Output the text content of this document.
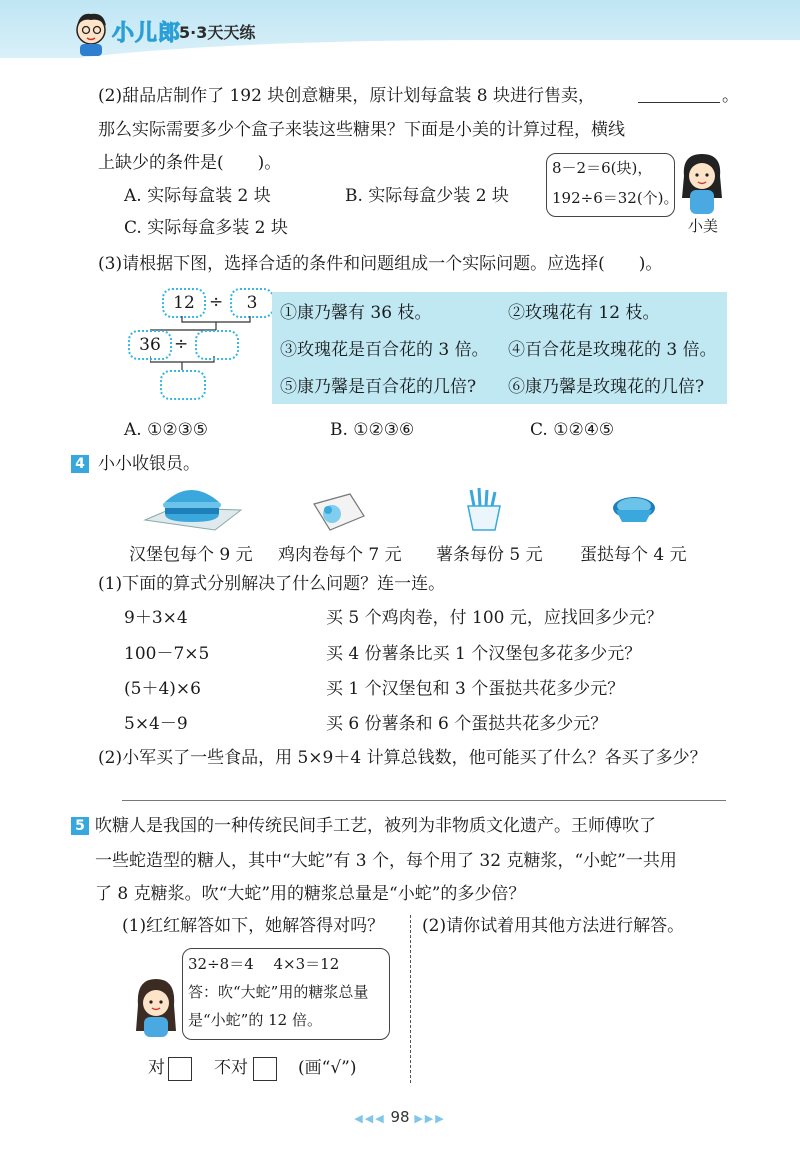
小儿郎
5·3天天练
(2)甜品店制作了 192 块创意糖果，原计划每盒装 8 块进行售卖，	。
那么实际需要多少个盒子来装这些糖果？下面是小美的计算过程，横线
上缺少的条件是(　　)。
A. 实际每盒装 2 块	B. 实际每盒少装 2 块
C. 实际每盒多装 2 块
8－2＝6(块)，
192÷6＝32(个)。
小美
(3)请根据下图，选择合适的条件和问题组成一个实际问题。应选择(　　)。
12 ÷	3
36 ÷
①康乃馨有 36 枝。	②玫瑰花有 12 枝。
③玫瑰花是百合花的 3 倍。 ④百合花是玫瑰花的 3 倍。
⑤康乃馨是百合花的几倍? ⑥康乃馨是玫瑰花的几倍?
A. ①②③⑤	B. ①②③⑥	C. ①②④⑤
4 小小收银员。
汉堡包每个 9 元 鸡肉卷每个 7 元 薯条每份 5 元 蛋挞每个 4 元
(1)下面的算式分别解决了什么问题？连一连。
9＋3×4
100－7×5
(5＋4)×6
5×4－9
买 5 个鸡肉卷，付 100 元，应找回多少元？
买 4 份薯条比买 1 个汉堡包多花多少元？
买 1 个汉堡包和 3 个蛋挞共花多少元？
买 6 份薯条和 6 个蛋挞共花多少元？
(2)小军买了一些食品，用 5×9＋4 计算总钱数，他可能买了什么？各买了多少？
5 吹糖人是我国的一种传统民间手工艺，被列为非物质文化遗产。王师傅吹了
一些蛇造型的糖人，其中“大蛇”有 3 个，每个用了 32 克糖浆，“小蛇”一共用
了 8 克糖浆。吹“大蛇”用的糖浆总量是“小蛇”的多少倍？
(1)红红解答如下，她解答得对吗？ (2)请你试着用其他方法进行解答。
32÷8＝4　 4×3＝12
答：吹“大蛇”用的糖浆总量
是“小蛇”的 12 倍。
对	不对	(画“√”)
◀◀◀ 98 ▶▶▶
